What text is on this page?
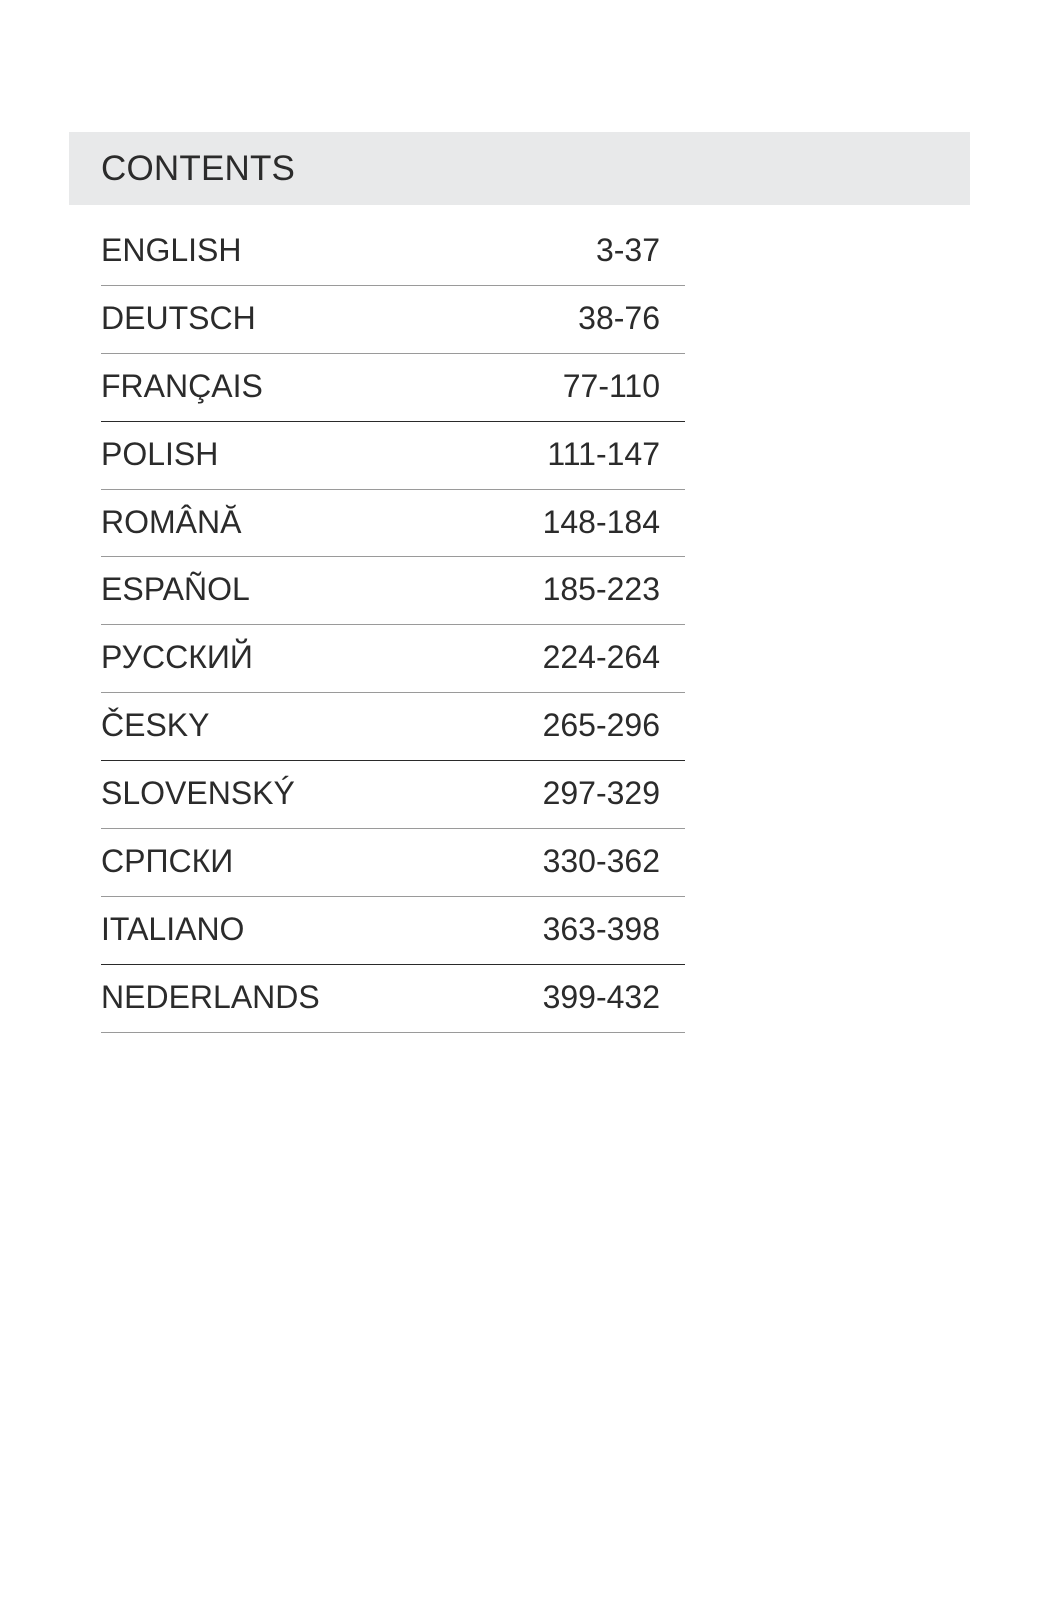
CONTENTS
ENGLISH	3-37
DEUTSCH	38-76
FRANÇAIS	77-110
POLISH	111-147
ROMÂNĂ	148-184
ESPAÑOL	185-223
РУССКИЙ	224-264
ČESKY	265-296
SLOVENSKÝ	297-329
СРПСКИ	330-362
ITALIANO	363-398
NEDERLANDS	399-432
